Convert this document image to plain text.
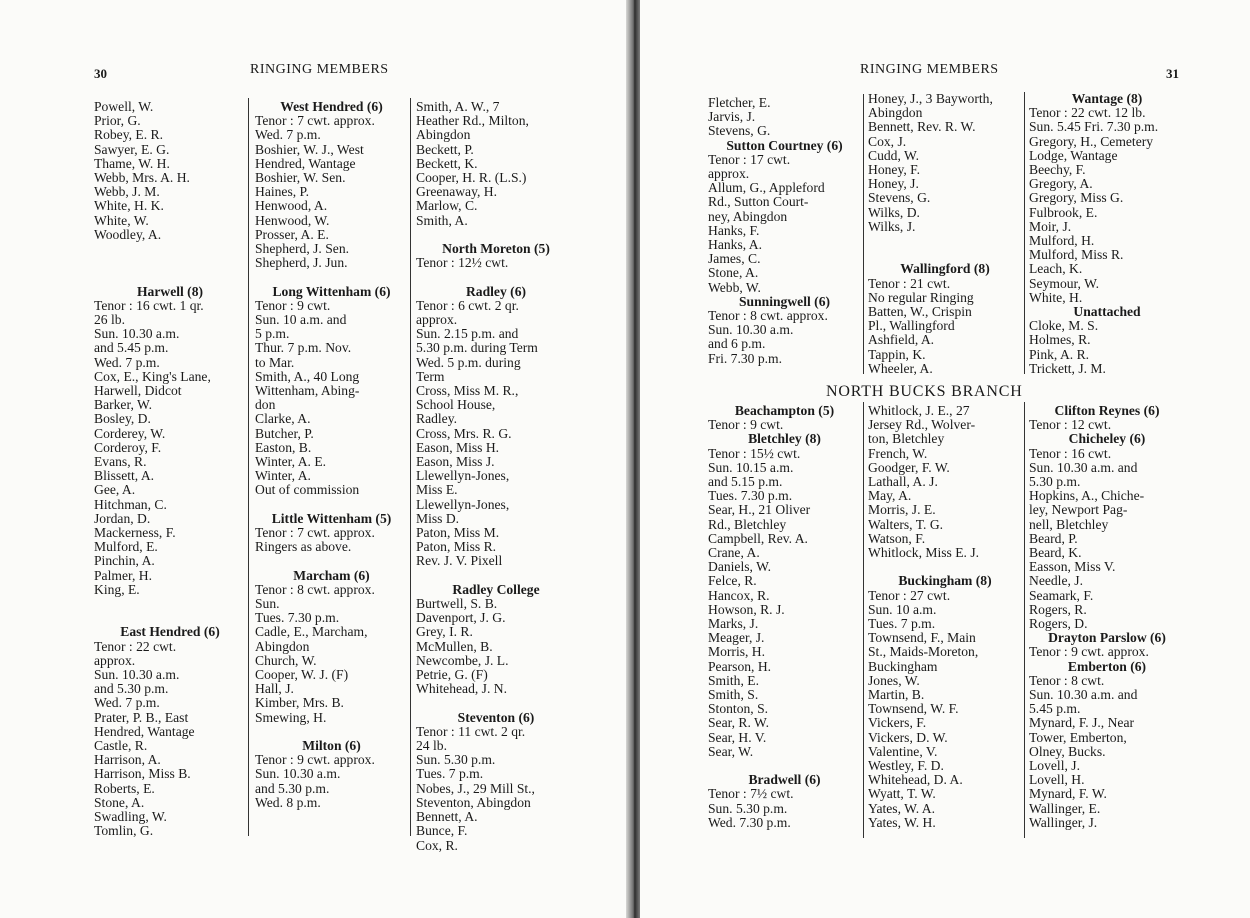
30	RINGING MEMBERS
Powell, W.
Prior, G.
Robey, E. R.
Sawyer, E. G.
Thame, W. H.
Webb, Mrs. A. H.
Webb, J. M.
White, H. K.
White, W.
Woodley, A.
Harwell (8)
Tenor : 16 cwt. 1 qr.
26 lb.
Sun. 10.30 a.m.
and 5.45 p.m.
Wed. 7 p.m.
Cox, E., King's Lane,
Harwell, Didcot
Barker, W.
Bosley, D.
Corderey, W.
Corderoy, F.
Evans, R.
Blissett, A.
Gee, A.
Hitchman, C.
Jordan, D.
Mackerness, F.
Mulford, E.
Pinchin, A.
Palmer, H.
King, E.
East Hendred (6)
Tenor : 22 cwt.
approx.
Sun. 10.30 a.m.
and 5.30 p.m.
Wed. 7 p.m.
Prater, P. B., East
Hendred, Wantage
Castle, R.
Harrison, A.
Harrison, Miss B.
Roberts, E.
Stone, A.
Swadling, W.
Tomlin, G.
West Hendred (6)
Tenor : 7 cwt. approx.
Wed. 7 p.m.
Boshier, W. J., West
Hendred, Wantage
Boshier, W. Sen.
Haines, P.
Henwood, A.
Henwood, W.
Prosser, A. E.
Shepherd, J. Sen.
Shepherd, J. Jun.
Long Wittenham (6)
Tenor : 9 cwt.
Sun. 10 a.m. and
5 p.m.
Thur. 7 p.m. Nov.
to Mar.
Smith, A., 40 Long
Wittenham, Abing-
don
Clarke, A.
Butcher, P.
Easton, B.
Winter, A. E.
Winter, A.
Out of commission
Little Wittenham (5)
Tenor : 7 cwt. approx.
Ringers as above.
Marcham (6)
Tenor : 8 cwt. approx.
Sun.
Tues. 7.30 p.m.
Cadle, E., Marcham,
Abingdon
Church, W.
Cooper, W. J. (F)
Hall, J.
Kimber, Mrs. B.
Smewing, H.
Milton (6)
Tenor : 9 cwt. approx.
Sun. 10.30 a.m.
and 5.30 p.m.
Wed. 8 p.m.
Smith, A. W., 7
Heather Rd., Milton,
Abingdon
Beckett, P.
Beckett, K.
Cooper, H. R. (L.S.)
Greenaway, H.
Marlow, C.
Smith, A.
North Moreton (5)
Tenor : 12½ cwt.
Radley (6)
Tenor : 6 cwt. 2 qr.
approx.
Sun. 2.15 p.m. and
5.30 p.m. during Term
Wed. 5 p.m. during
Term
Cross, Miss M. R.,
School House,
Radley.
Cross, Mrs. R. G.
Eason, Miss H.
Eason, Miss J.
Llewellyn-Jones,
Miss E.
Llewellyn-Jones,
Miss D.
Paton, Miss M.
Paton, Miss R.
Rev. J. V. Pixell
Radley College
Burtwell, S. B.
Davenport, J. G.
Grey, I. R.
McMullen, B.
Newcombe, J. L.
Petrie, G. (F)
Whitehead, J. N.
Steventon (6)
Tenor : 11 cwt. 2 qr.
24 lb.
Sun. 5.30 p.m.
Tues. 7 p.m.
Nobes, J., 29 Mill St.,
Steventon, Abingdon
Bennett, A.
Bunce, F.
Cox, R.
RINGING MEMBERS	31
Fletcher, E.
Jarvis, J.
Stevens, G.
Sutton Courtney (6)
Tenor : 17 cwt.
approx.
Allum, G., Appleford
Rd., Sutton Court-
ney, Abingdon
Hanks, F.
Hanks, A.
James, C.
Stone, A.
Webb, W.
Sunningwell (6)
Tenor : 8 cwt. approx.
Sun. 10.30 a.m.
and 6 p.m.
Fri. 7.30 p.m.
Honey, J., 3 Bayworth,
Abingdon
Bennett, Rev. R. W.
Cox, J.
Cudd, W.
Honey, F.
Honey, J.
Stevens, G.
Wilks, D.
Wilks, J.
Wallingford (8)
Tenor : 21 cwt.
No regular Ringing
Batten, W., Crispin
Pl., Wallingford
Ashfield, A.
Tappin, K.
Wheeler, A.
Wantage (8)
Tenor : 22 cwt. 12 lb.
Sun. 5.45 Fri. 7.30 p.m.
Gregory, H., Cemetery
Lodge, Wantage
Beechy, F.
Gregory, A.
Gregory, Miss G.
Fulbrook, E.
Moir, J.
Mulford, H.
Mulford, Miss R.
Leach, K.
Seymour, W.
White, H.
Unattached
Cloke, M. S.
Holmes, R.
Pink, A. R.
Trickett, J. M.
Beachampton (5)
Tenor : 9 cwt.
Bletchley (8)
Tenor : 15½ cwt.
Sun. 10.15 a.m.
and 5.15 p.m.
Tues. 7.30 p.m.
Sear, H., 21 Oliver
Rd., Bletchley
Campbell, Rev. A.
Crane, A.
Daniels, W.
Felce, R.
Hancox, R.
Howson, R. J.
Marks, J.
Meager, J.
Morris, H.
Pearson, H.
Smith, E.
Smith, S.
Stonton, S.
Sear, R. W.
Sear, H. V.
Sear, W.
Bradwell (6)
Tenor : 7½ cwt.
Sun. 5.30 p.m.
Wed. 7.30 p.m.
Whitlock, J. E., 27
Jersey Rd., Wolver-
ton, Bletchley
French, W.
Goodger, F. W.
Lathall, A. J.
May, A.
Morris, J. E.
Walters, T. G.
Watson, F.
Whitlock, Miss E. J.
Buckingham (8)
Tenor : 27 cwt.
Sun. 10 a.m.
Tues. 7 p.m.
Townsend, F., Main
St., Maids-Moreton,
Buckingham
Jones, W.
Martin, B.
Townsend, W. F.
Vickers, F.
Vickers, D. W.
Valentine, V.
Westley, F. D.
Whitehead, D. A.
Wyatt, T. W.
Yates, W. A.
Yates, W. H.
Clifton Reynes (6)
Tenor : 12 cwt.
Chicheley (6)
Tenor : 16 cwt.
Sun. 10.30 a.m. and
5.30 p.m.
Hopkins, A., Chiche-
ley, Newport Pag-
nell, Bletchley
Beard, P.
Beard, K.
Easson, Miss V.
Needle, J.
Seamark, F.
Rogers, R.
Rogers, D.
Drayton Parslow (6)
Tenor : 9 cwt. approx.
Emberton (6)
Tenor : 8 cwt.
Sun. 10.30 a.m. and
5.45 p.m.
Mynard, F. J., Near
Tower, Emberton,
Olney, Bucks.
Lovell, J.
Lovell, H.
Mynard, F. W.
Wallinger, E.
Wallinger, J.
NORTH BUCKS BRANCH
